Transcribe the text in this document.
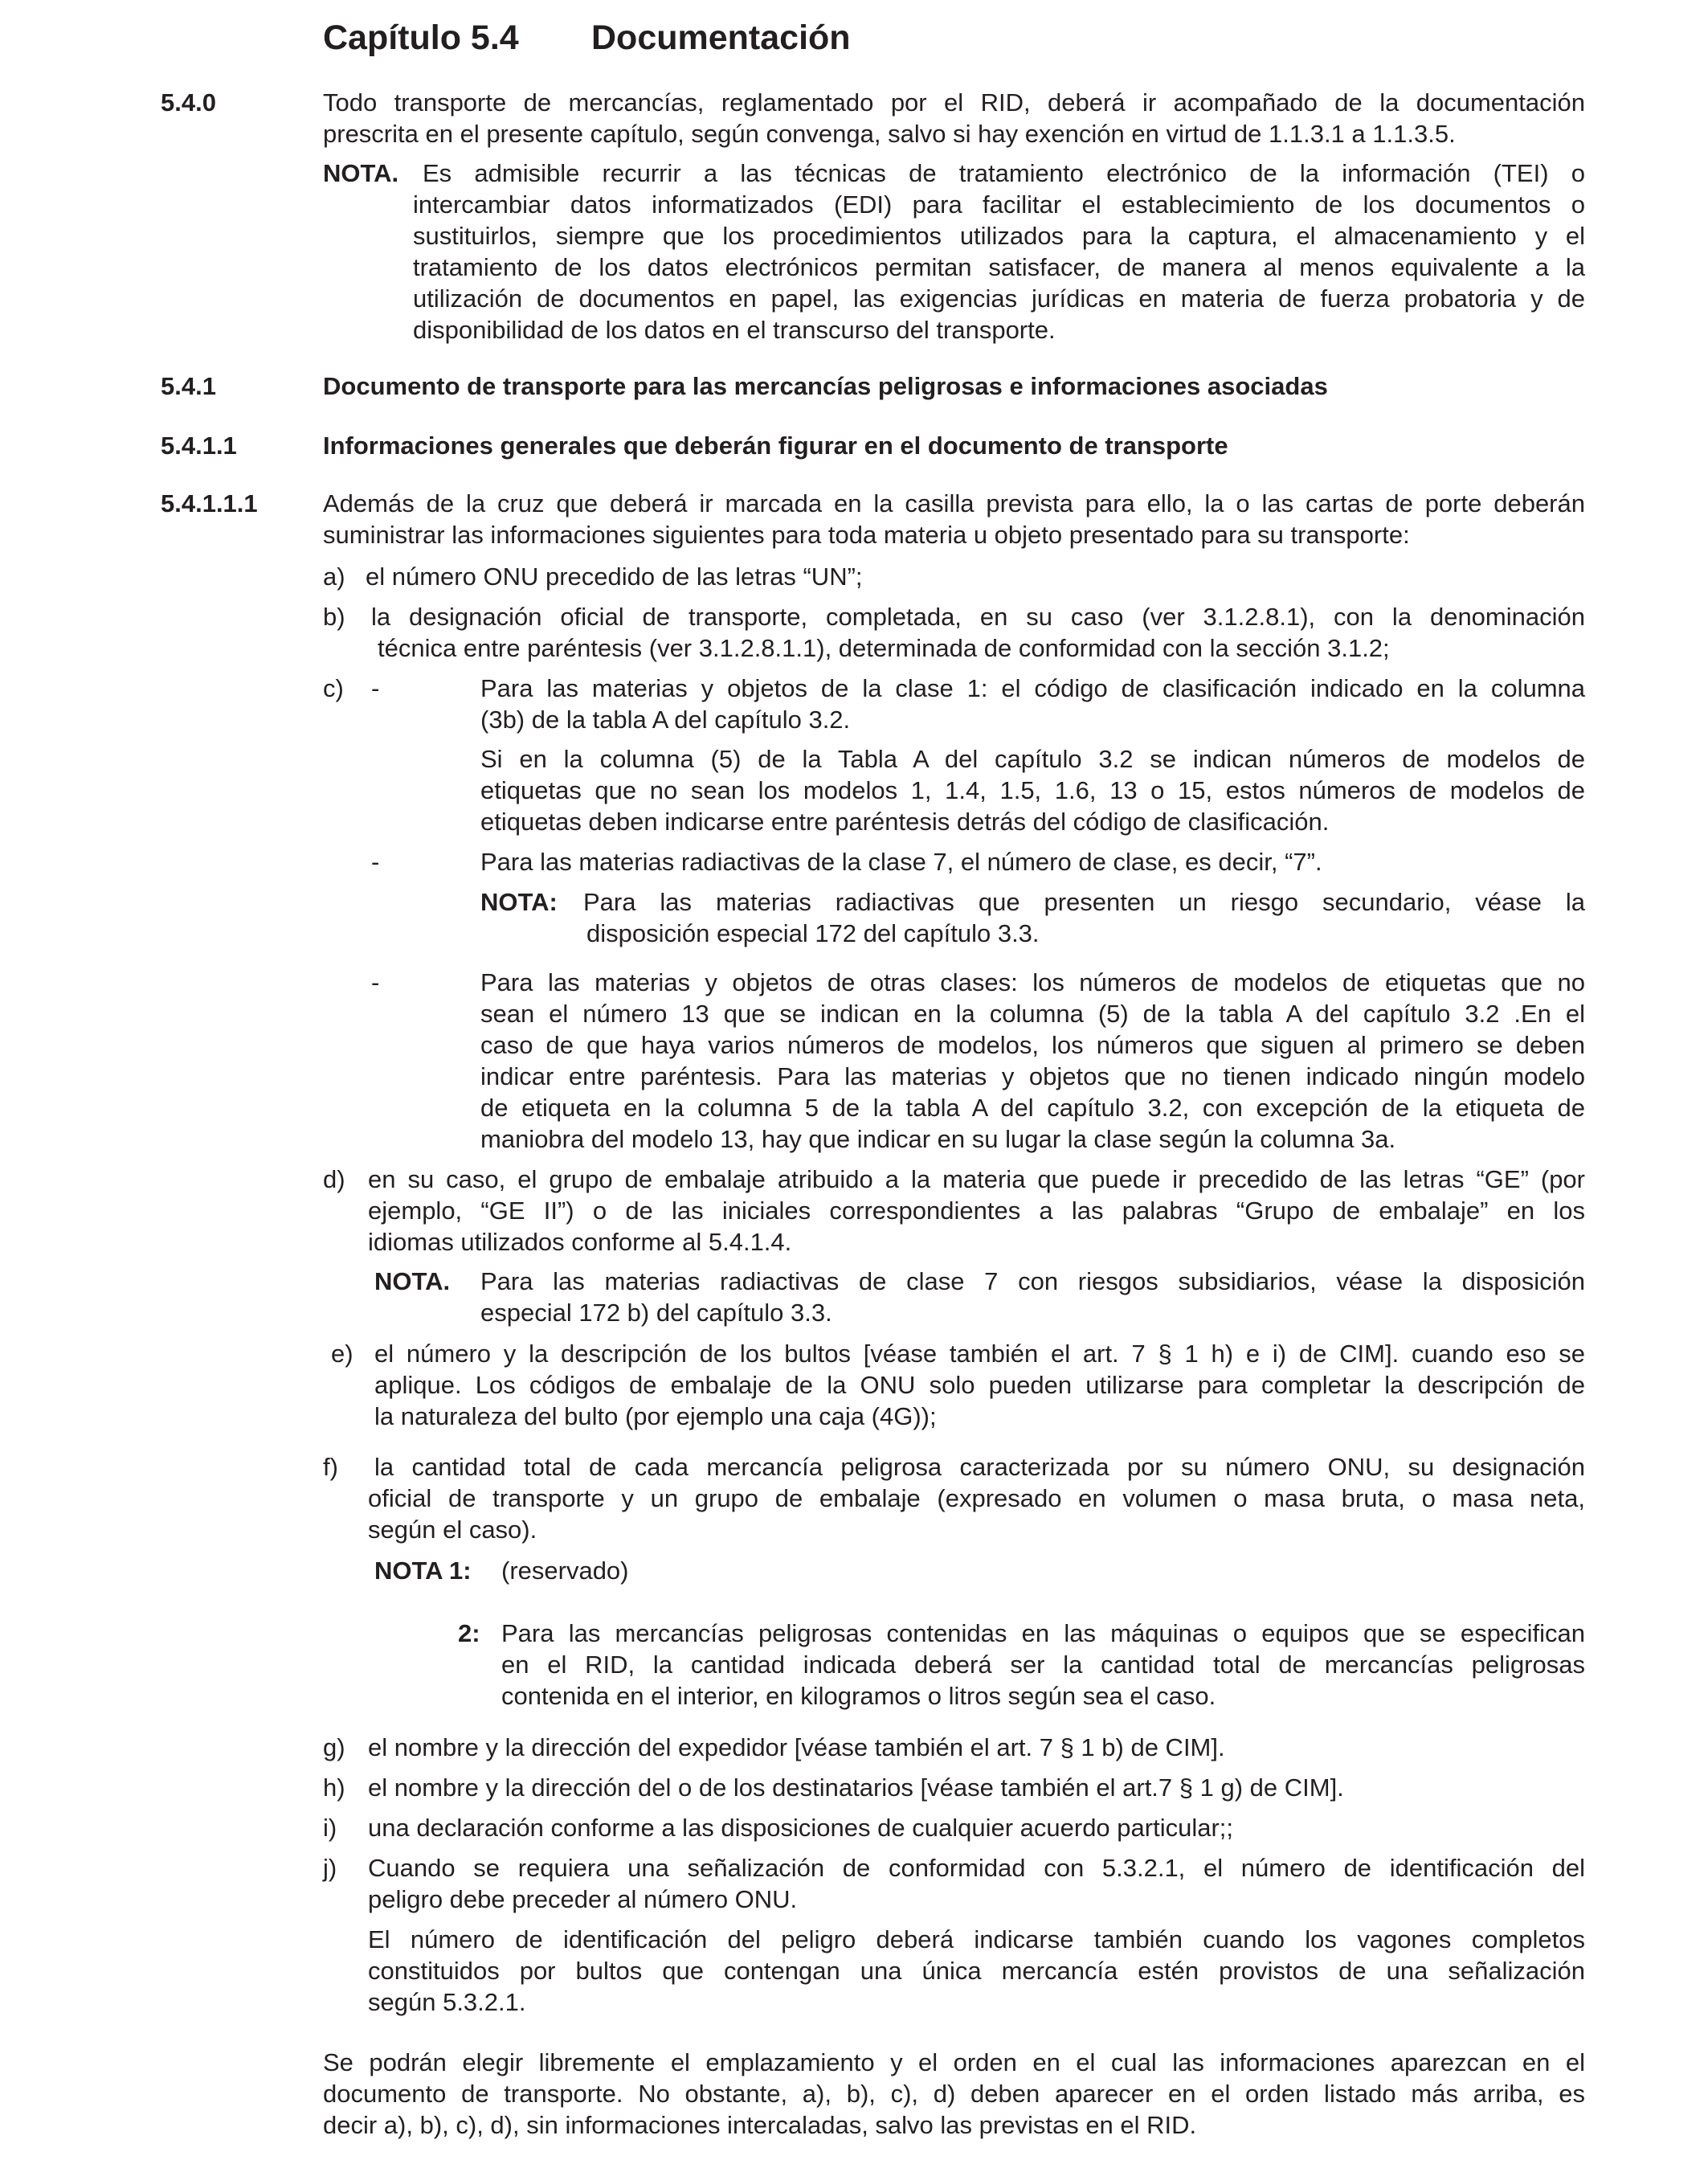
Capítulo 5.4 Documentación
5.4.0	Todo transporte de mercancías, reglamentado por el RID, deberá ir acompañado de la documentación
prescrita en el presente capítulo, según convenga, salvo si hay exención en virtud de 1.1.3.1 a 1.1.3.5.
NOTA. Es admisible recurrir a las técnicas de tratamiento electrónico de la información (TEI) o
intercambiar datos informatizados (EDI) para facilitar el establecimiento de los documentos o
sustituirlos, siempre que los procedimientos utilizados para la captura, el almacenamiento y el
tratamiento de los datos electrónicos permitan satisfacer, de manera al menos equivalente a la
utilización de documentos en papel, las exigencias jurídicas en materia de fuerza probatoria y de
disponibilidad de los datos en el transcurso del transporte.
5.4.1	Documento de transporte para las mercancías peligrosas e informaciones asociadas
5.4.1.1	Informaciones generales que deberán figurar en el documento de transporte
5.4.1.1.1	Además de la cruz que deberá ir marcada en la casilla prevista para ello, la o las cartas de porte deberán
suministrar las informaciones siguientes para toda materia u objeto presentado para su transporte:
a) el número ONU precedido de las letras “UN”;
b) la designación oficial de transporte, completada, en su caso (ver 3.1.2.8.1), con la denominación
técnica entre paréntesis (ver 3.1.2.8.1.1), determinada de conformidad con la sección 3.1.2;
c) -	Para las materias y objetos de la clase 1: el código de clasificación indicado en la columna
(3b) de la tabla A del capítulo 3.2.
Si en la columna (5) de la Tabla A del capítulo 3.2 se indican números de modelos de
etiquetas que no sean los modelos 1, 1.4, 1.5, 1.6, 13 o 15, estos números de modelos de
etiquetas deben indicarse entre paréntesis detrás del código de clasificación.
-	Para las materias radiactivas de la clase 7, el número de clase, es decir, “7”.
NOTA: Para las materias radiactivas que presenten un riesgo secundario, véase la
disposición especial 172 del capítulo 3.3.
-	Para las materias y objetos de otras clases: los números de modelos de etiquetas que no
sean el número 13 que se indican en la columna (5) de la tabla A del capítulo 3.2 .En el
caso de que haya varios números de modelos, los números que siguen al primero se deben
indicar entre paréntesis. Para las materias y objetos que no tienen indicado ningún modelo
de etiqueta en la columna 5 de la tabla A del capítulo 3.2, con excepción de la etiqueta de
maniobra del modelo 13, hay que indicar en su lugar la clase según la columna 3a.
d) en su caso, el grupo de embalaje atribuido a la materia que puede ir precedido de las letras “GE” (por
ejemplo, “GE II”) o de las iniciales correspondientes a las palabras “Grupo de embalaje” en los
idiomas utilizados conforme al 5.4.1.4.
NOTA. Para las materias radiactivas de clase 7 con riesgos subsidiarios, véase la disposición
especial 172 b) del capítulo 3.3.
e) el número y la descripción de los bultos [véase también el art. 7 § 1 h) e i) de CIM]. cuando eso se
aplique. Los códigos de embalaje de la ONU solo pueden utilizarse para completar la descripción de
la naturaleza del bulto (por ejemplo una caja (4G));
f) la cantidad total de cada mercancía peligrosa caracterizada por su número ONU, su designación
oficial de transporte y un grupo de embalaje (expresado en volumen o masa bruta, o masa neta,
según el caso).
NOTA 1: (reservado)
2: Para las mercancías peligrosas contenidas en las máquinas o equipos que se especifican
en el RID, la cantidad indicada deberá ser la cantidad total de mercancías peligrosas
contenida en el interior, en kilogramos o litros según sea el caso.
g) el nombre y la dirección del expedidor [véase también el art. 7 § 1 b) de CIM].
h) el nombre y la dirección del o de los destinatarios [véase también el art.7 § 1 g) de CIM].
i) una declaración conforme a las disposiciones de cualquier acuerdo particular;;
j) Cuando se requiera una señalización de conformidad con 5.3.2.1, el número de identificación del
peligro debe preceder al número ONU.
El número de identificación del peligro deberá indicarse también cuando los vagones completos
constituidos por bultos que contengan una única mercancía estén provistos de una señalización
según 5.3.2.1.
Se podrán elegir libremente el emplazamiento y el orden en el cual las informaciones aparezcan en el
documento de transporte. No obstante, a), b), c), d) deben aparecer en el orden listado más arriba, es
decir a), b), c), d), sin informaciones intercaladas, salvo las previstas en el RID.
